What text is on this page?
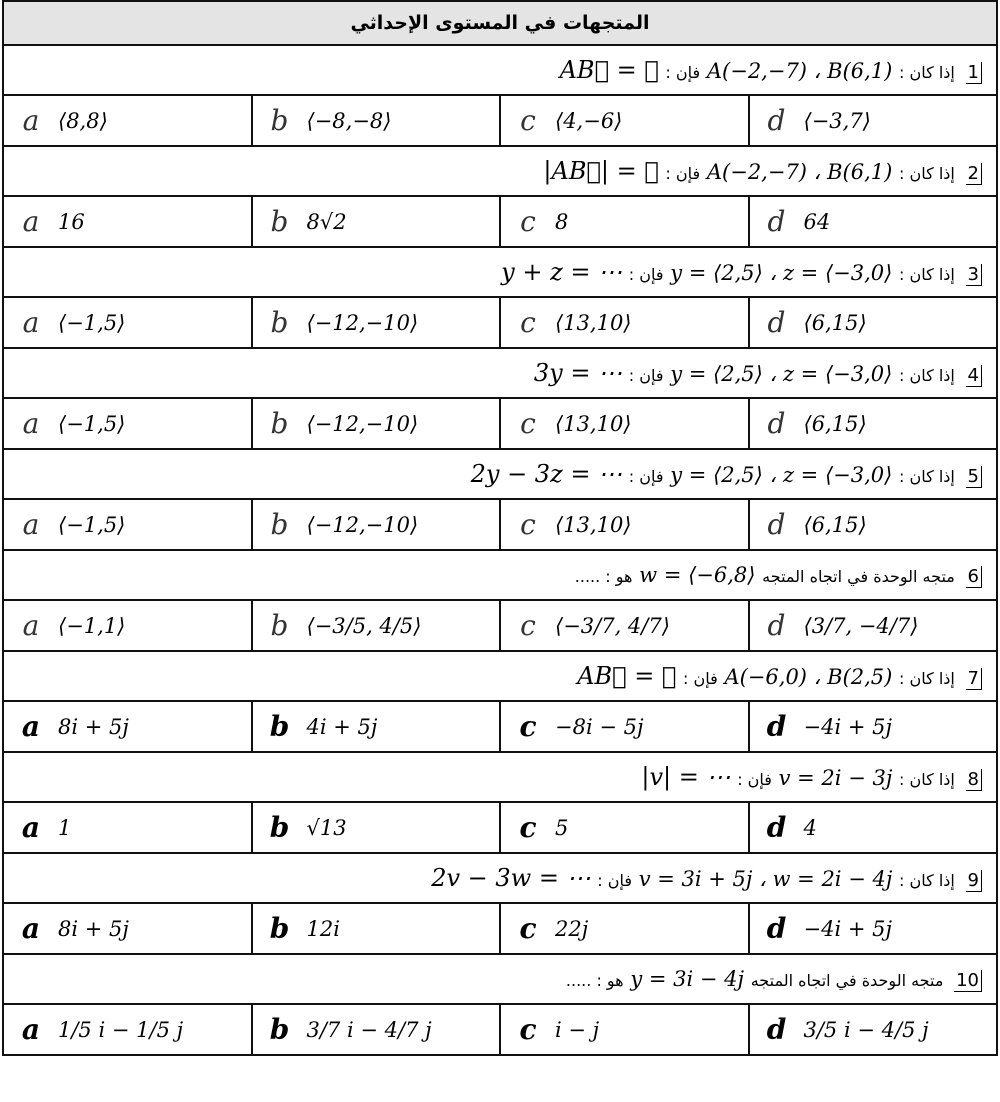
المتجهات في المستوى الإحداثي			
1 إذا كان : A(−2,−7) ، B(6,1) فإن : AB⃗ = ⋯			

a ⟨8,8⟩	b ⟨−8,−8⟩	c ⟨4,−6⟩	d ⟨−3,7⟩

2 إذا كان : A(−2,−7) ، B(6,1) فإن : |AB⃗| = ⋯			

a 16	b 8√2	c 8	d 64

3 إذا كان : y = ⟨2,5⟩ ، z = ⟨−3,0⟩ فإن : y + z = ⋯			

a ⟨−1,5⟩	b ⟨−12,−10⟩	c ⟨13,10⟩	d ⟨6,15⟩

4 إذا كان : y = ⟨2,5⟩ ، z = ⟨−3,0⟩ فإن : 3y = ⋯			

a ⟨−1,5⟩	b ⟨−12,−10⟩	c ⟨13,10⟩	d ⟨6,15⟩

5 إذا كان : y = ⟨2,5⟩ ، z = ⟨−3,0⟩ فإن : 2y − 3z = ⋯			

a ⟨−1,5⟩	b ⟨−12,−10⟩	c ⟨13,10⟩	d ⟨6,15⟩

6 متجه الوحدة في اتجاه المتجه w = ⟨−6,8⟩ هو : .....			

a ⟨−1,1⟩	b ⟨−3/5, 4/5⟩	c ⟨−3/7, 4/7⟩	d ⟨3/7, −4/7⟩

7 إذا كان : A(−6,0) ، B(2,5) فإن : AB⃗ = ⋯			

a 8i + 5j	b 4i + 5j	c −8i − 5j	d −4i + 5j

8 إذا كان : v = 2i − 3j فإن : |v| = ⋯			

a 1	b √13	c 5	d 4

9 إذا كان : v = 3i + 5j ، w = 2i − 4j فإن : 2v − 3w = ⋯			

a 8i + 5j	b 12i	c 22j	d −4i + 5j

10 متجه الوحدة في اتجاه المتجه y = 3i − 4j هو : .....			

a 1/5 i − 1/5 j	b 3/7 i − 4/7 j	c i − j	d 3/5 i − 4/5 j
